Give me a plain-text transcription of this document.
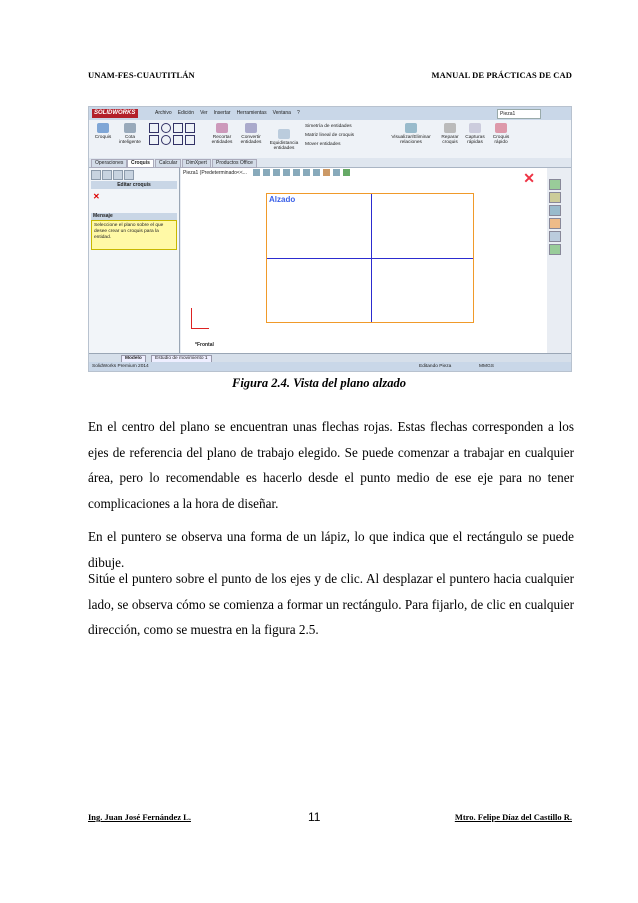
UNAM-FES-CUAUTITLÁN	MANUAL DE PRÁCTICAS DE CAD
SOLIDWORKS	Archivo Edición Ver Insertar Herramientas Ventana ?	Pieza1
Croquis	Cota inteligente
Recortar entidades
Convertir entidades	Equidistancia entidades
Simetría de entidades
Matriz lineal de croquis
Mover entidades
Visualizar/Eliminar relaciones
Reparar croquis
Capturas rápidas
Croquis rápido
Operaciones	Croquis	Calcular	DimXpert	Productos Office
Editar croquis
✕
Mensaje
Seleccione el plano sobre el que desee crear un croquis para la entidad.
Pieza1 (Predeterminado<<...	✕
Alzado
*Frontal
Modelo	Estudio de movimiento 1
SolidWorks Premium 2014	Editando Pieza	MMGS
Figura 2.4. Vista del plano alzado
En el centro del plano se encuentran unas flechas rojas. Estas flechas corresponden a los ejes de referencia del plano de trabajo elegido. Se puede comenzar a trabajar en cualquier área, pero lo recomendable es hacerlo desde el punto medio de ese eje para no tener complicaciones a la hora de diseñar.
En el puntero se observa una forma de un lápiz, lo que indica que el rectángulo se puede dibuje.
Sitúe el puntero sobre el punto de los ejes y de clic. Al desplazar el puntero hacia cualquier lado, se observa cómo se comienza a formar un rectángulo. Para fijarlo, de clic en cualquier dirección, como se muestra en la figura 2.5.
Ing. Juan José Fernández L.	11	Mtro. Felipe Díaz del Castillo R.
